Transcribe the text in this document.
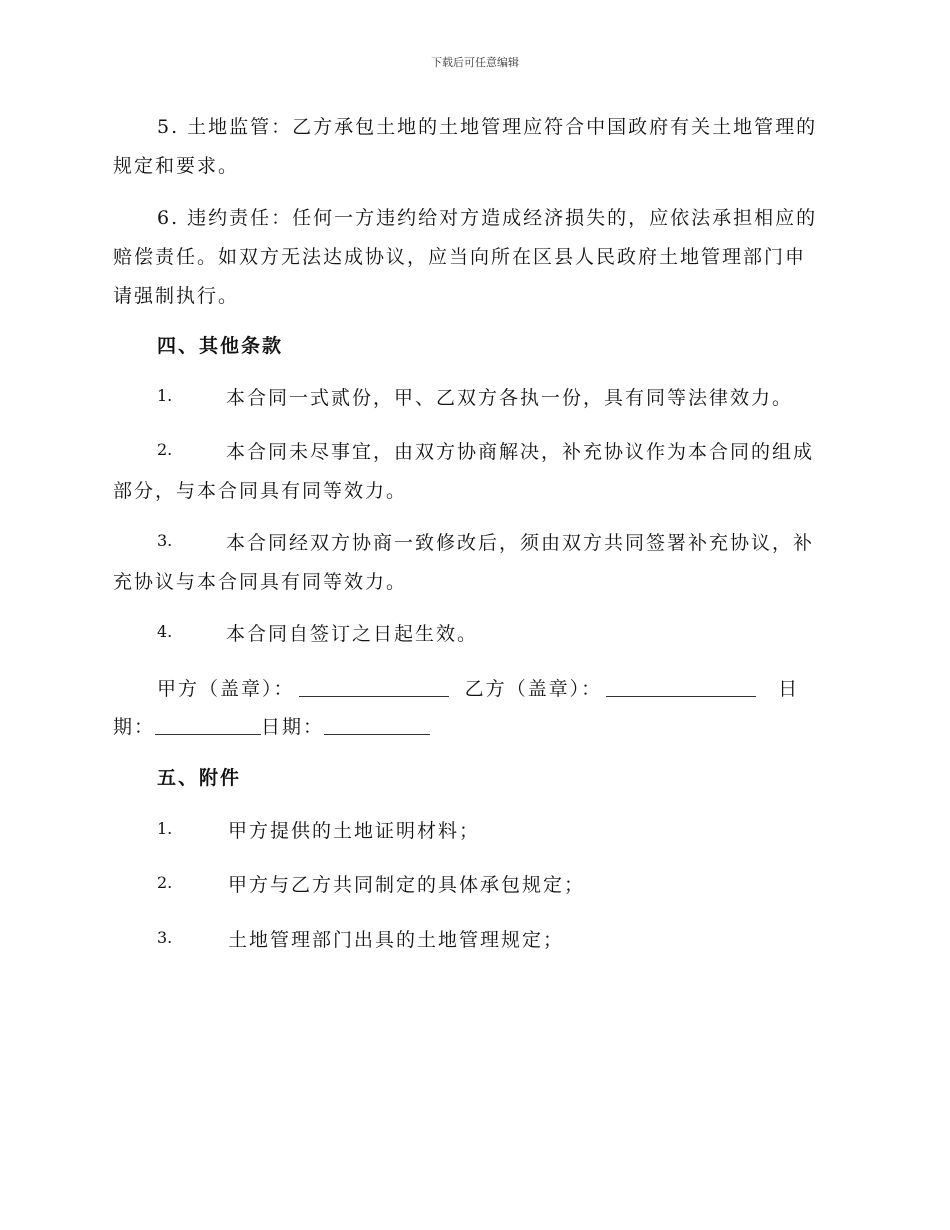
下载后可任意编辑
5. 土地监管：乙方承包土地的土地管理应符合中国政府有关土地管理的
规定和要求。
6. 违约责任：任何一方违约给对方造成经济损失的，应依法承担相应的
赔偿责任。如双方无法达成协议，应当向所在区县人民政府土地管理部门申
请强制执行。
四、其他条款
1.	本合同一式贰份，甲、乙双方各执一份，具有同等法律效力。
2.	本合同未尽事宜，由双方协商解决，补充协议作为本合同的组成
部分，与本合同具有同等效力。
3.	本合同经双方协商一致修改后，须由双方共同签署补充协议，补
充协议与本合同具有同等效力。
4.	本合同自签订之日起生效。
甲方（盖章）：	乙方（盖章）：	日
期：	日期：
五、附件
1.	甲方提供的土地证明材料；
2.	甲方与乙方共同制定的具体承包规定；
3.	土地管理部门出具的土地管理规定；
